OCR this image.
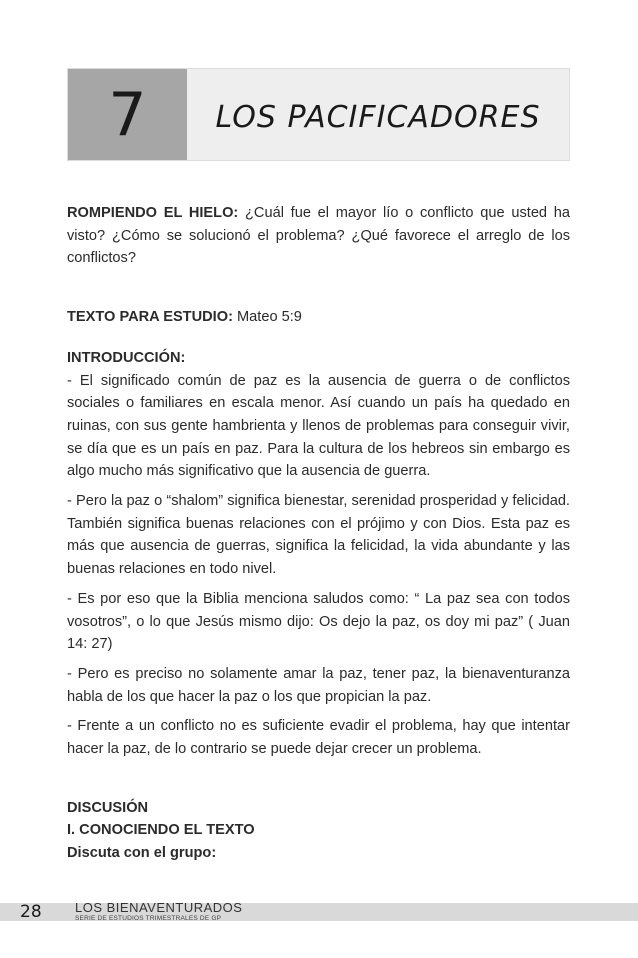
7	LOS PACIFICADORES

ROMPIENDO EL HIELO: ¿Cuál fue el mayor lío o conflicto que usted ha visto? ¿Cómo se solucionó el problema? ¿Qué favorece el arreglo de los conflictos?

TEXTO PARA ESTUDIO: Mateo 5:9

INTRODUCCIÓN:

- El significado común de paz es la ausencia de guerra o de conflictos sociales o familiares en escala menor. Así cuando un país ha quedado en ruinas, con sus gente hambrienta y llenos de problemas para conseguir vivir, se día que es un país en paz. Para la cultura de los hebreos sin embargo es algo mucho más significativo que la ausencia de guerra.

- Pero la paz o “shalom” significa bienestar, serenidad prosperidad y felicidad. También significa buenas relaciones con el prójimo y con Dios. Esta paz es más que ausencia de guerras, significa la felicidad, la vida abundante y las buenas relaciones en todo nivel.

- Es por eso que la Biblia menciona saludos como: “ La paz sea con todos vosotros”, o lo que Jesús mismo dijo: Os dejo la paz, os doy mi paz” ( Juan 14: 27)

- Pero es preciso no solamente amar la paz, tener paz, la bienaventuranza habla de los que hacer la paz o los que propician la paz.

- Frente a un conflicto no es suficiente evadir el problema, hay que intentar hacer la paz, de lo contrario se puede dejar crecer un problema.

DISCUSIÓN

I. CONOCIENDO EL TEXTO

Discuta con el grupo:

28	LOS BIENAVENTURADOS
SERIE DE ESTUDIOS TRIMESTRALES DE GP
